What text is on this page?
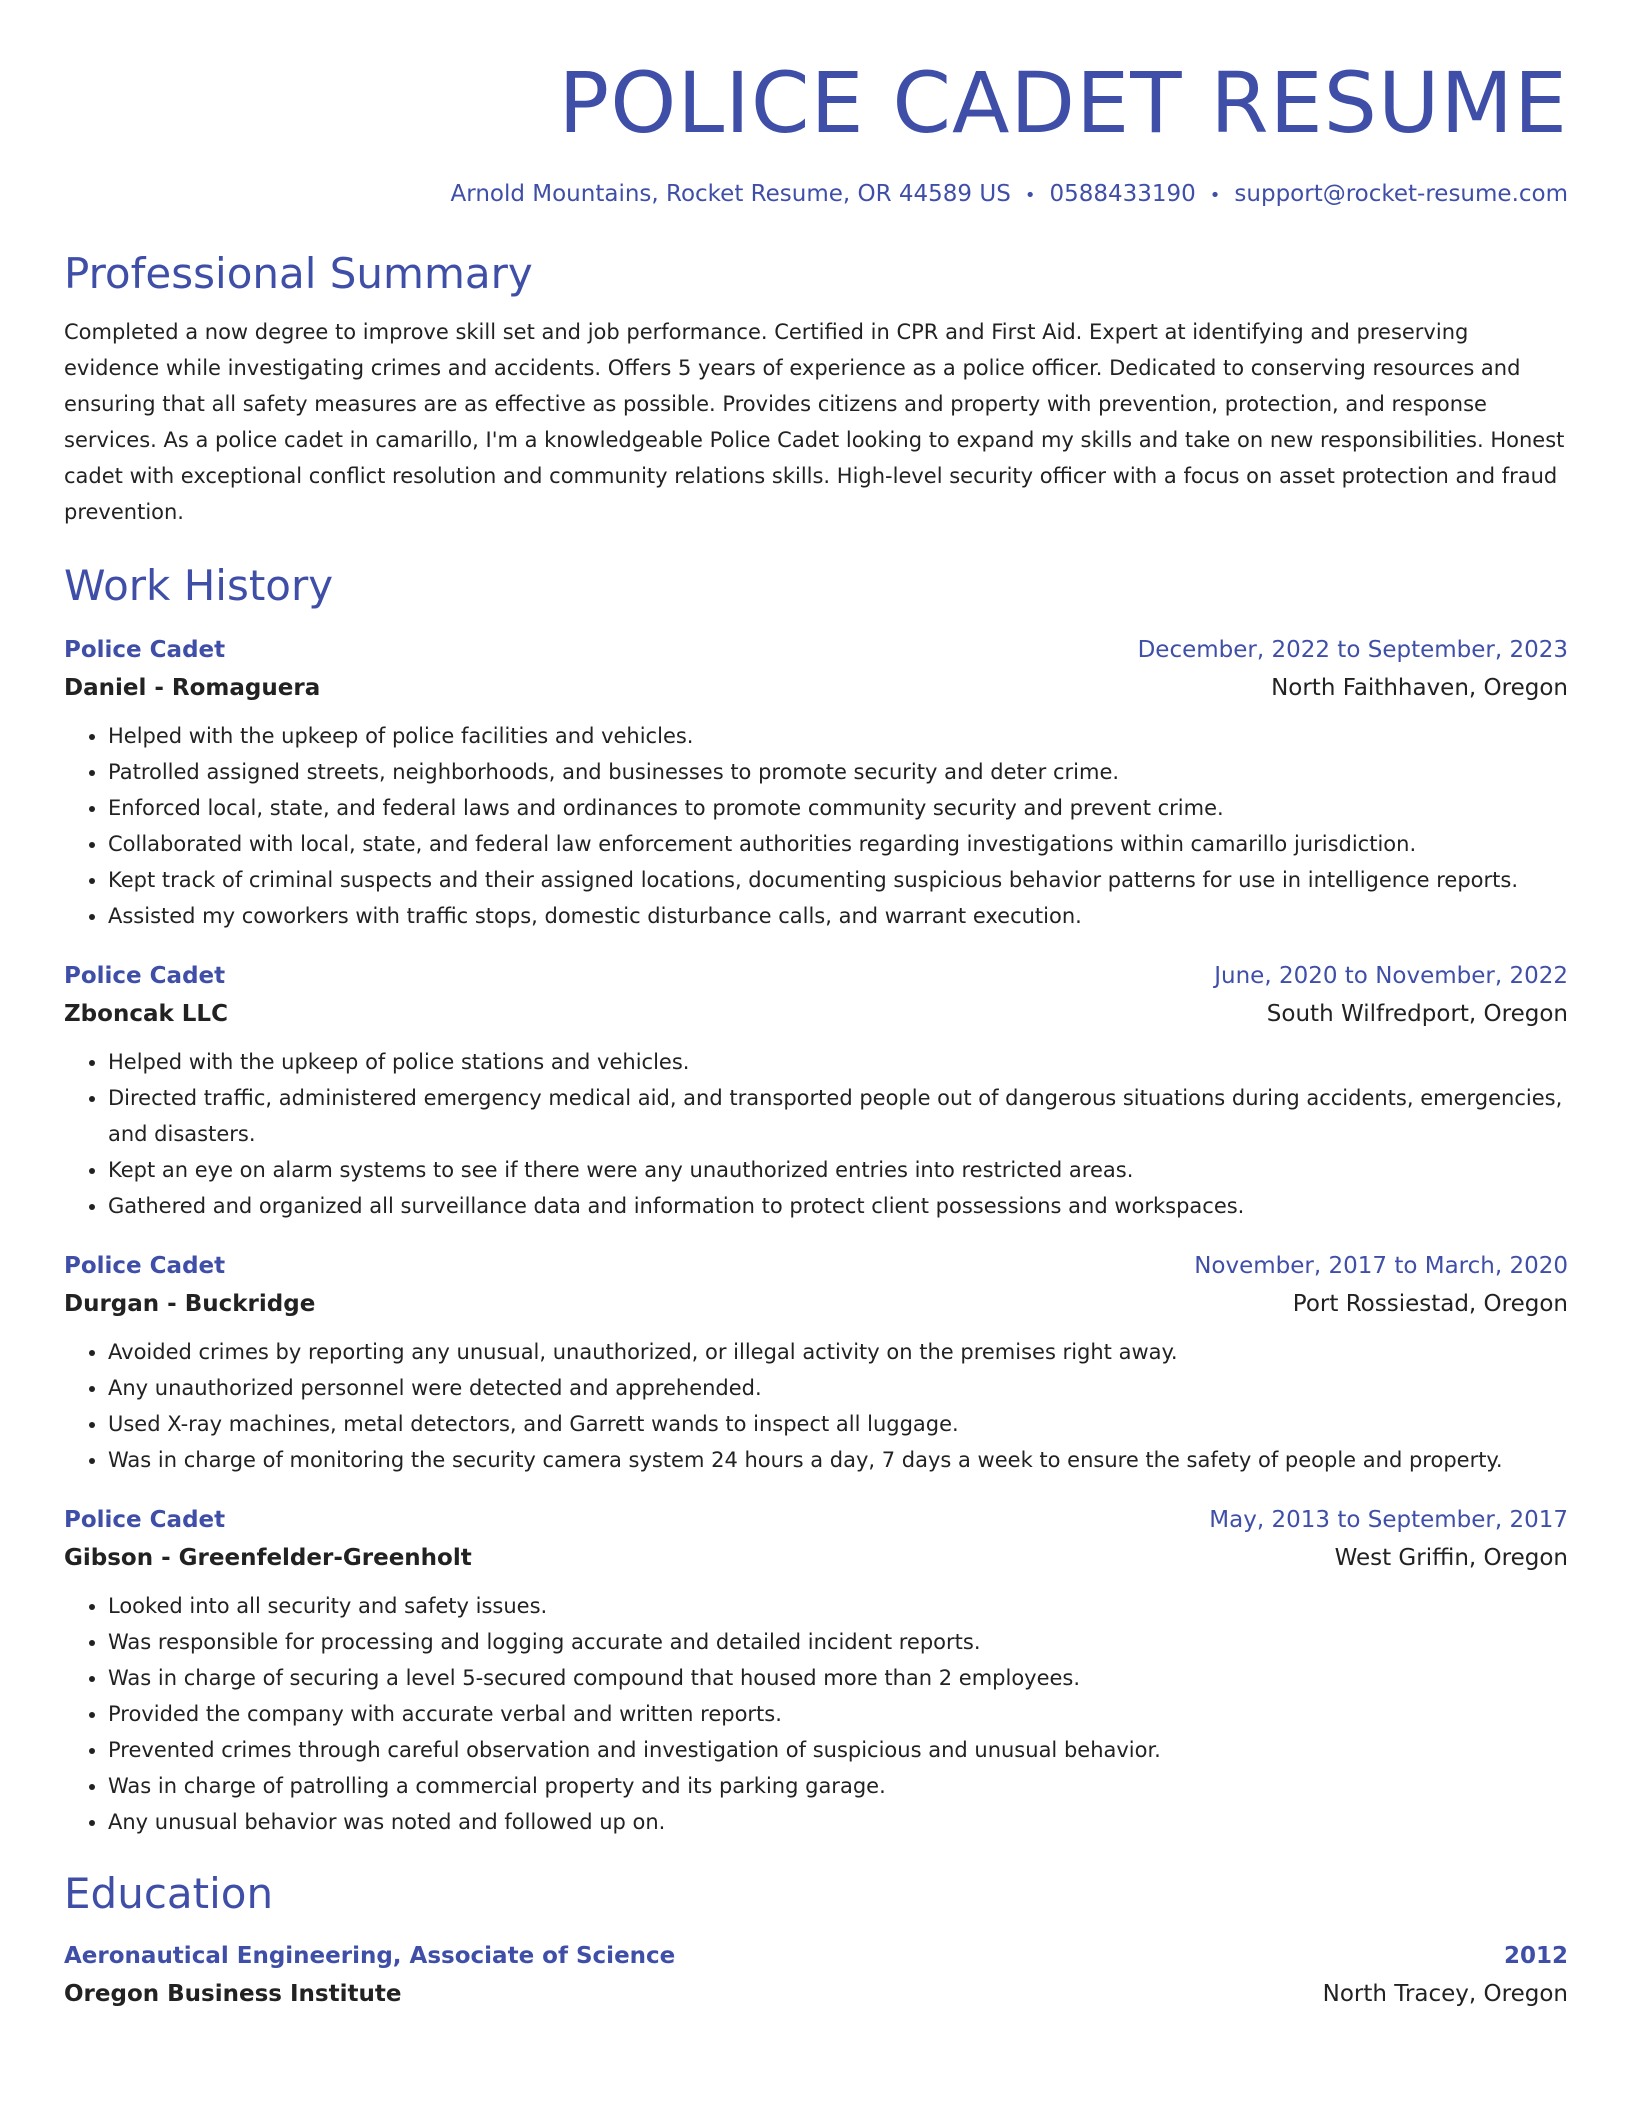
POLICE CADET RESUME
Arnold Mountains, Rocket Resume, OR 44589 US • 0588433190 • support@rocket-resume.com
Professional Summary
Completed a now degree to improve skill set and job performance. Certified in CPR and First Aid. Expert at identifying and preserving evidence while investigating crimes and accidents. Offers 5 years of experience as a police officer. Dedicated to conserving resources and ensuring that all safety measures are as effective as possible. Provides citizens and property with prevention, protection, and response services. As a police cadet in camarillo, I'm a knowledgeable Police Cadet looking to expand my skills and take on new responsibilities. Honest cadet with exceptional conflict resolution and community relations skills. High-level security officer with a focus on asset protection and fraud prevention.
Work History
Police Cadet	December, 2022 to September, 2023
Daniel - Romaguera	North Faithhaven, Oregon
• Helped with the upkeep of police facilities and vehicles.
• Patrolled assigned streets, neighborhoods, and businesses to promote security and deter crime.
• Enforced local, state, and federal laws and ordinances to promote community security and prevent crime.
• Collaborated with local, state, and federal law enforcement authorities regarding investigations within camarillo jurisdiction.
• Kept track of criminal suspects and their assigned locations, documenting suspicious behavior patterns for use in intelligence reports.
• Assisted my coworkers with traffic stops, domestic disturbance calls, and warrant execution.
Police Cadet	June, 2020 to November, 2022
Zboncak LLC	South Wilfredport, Oregon
• Helped with the upkeep of police stations and vehicles.
• Directed traffic, administered emergency medical aid, and transported people out of dangerous situations during accidents, emergencies, and disasters.
• Kept an eye on alarm systems to see if there were any unauthorized entries into restricted areas.
• Gathered and organized all surveillance data and information to protect client possessions and workspaces.
Police Cadet	November, 2017 to March, 2020
Durgan - Buckridge	Port Rossiestad, Oregon
• Avoided crimes by reporting any unusual, unauthorized, or illegal activity on the premises right away.
• Any unauthorized personnel were detected and apprehended.
• Used X-ray machines, metal detectors, and Garrett wands to inspect all luggage.
• Was in charge of monitoring the security camera system 24 hours a day, 7 days a week to ensure the safety of people and property.
Police Cadet	May, 2013 to September, 2017
Gibson - Greenfelder-Greenholt	West Griffin, Oregon
• Looked into all security and safety issues.
• Was responsible for processing and logging accurate and detailed incident reports.
• Was in charge of securing a level 5-secured compound that housed more than 2 employees.
• Provided the company with accurate verbal and written reports.
• Prevented crimes through careful observation and investigation of suspicious and unusual behavior.
• Was in charge of patrolling a commercial property and its parking garage.
• Any unusual behavior was noted and followed up on.
Education
Aeronautical Engineering, Associate of Science	2012
Oregon Business Institute	North Tracey, Oregon
